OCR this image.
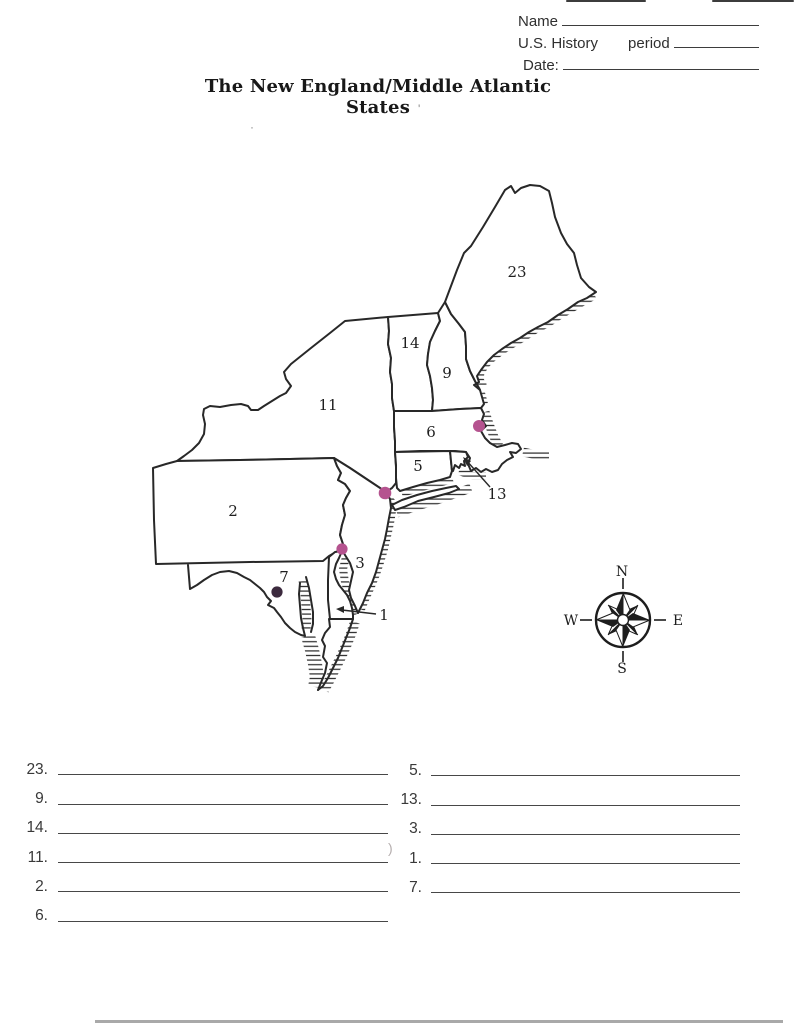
Name
U.S. History period
Date:
The New England/Middle Atlantic States '
·
)
23
14
9
11
6
5
13
2
3
7
1
N
S
W	E
23.
9.
14.
11.
2.
6.
5.
13.
3.
1.
7.
